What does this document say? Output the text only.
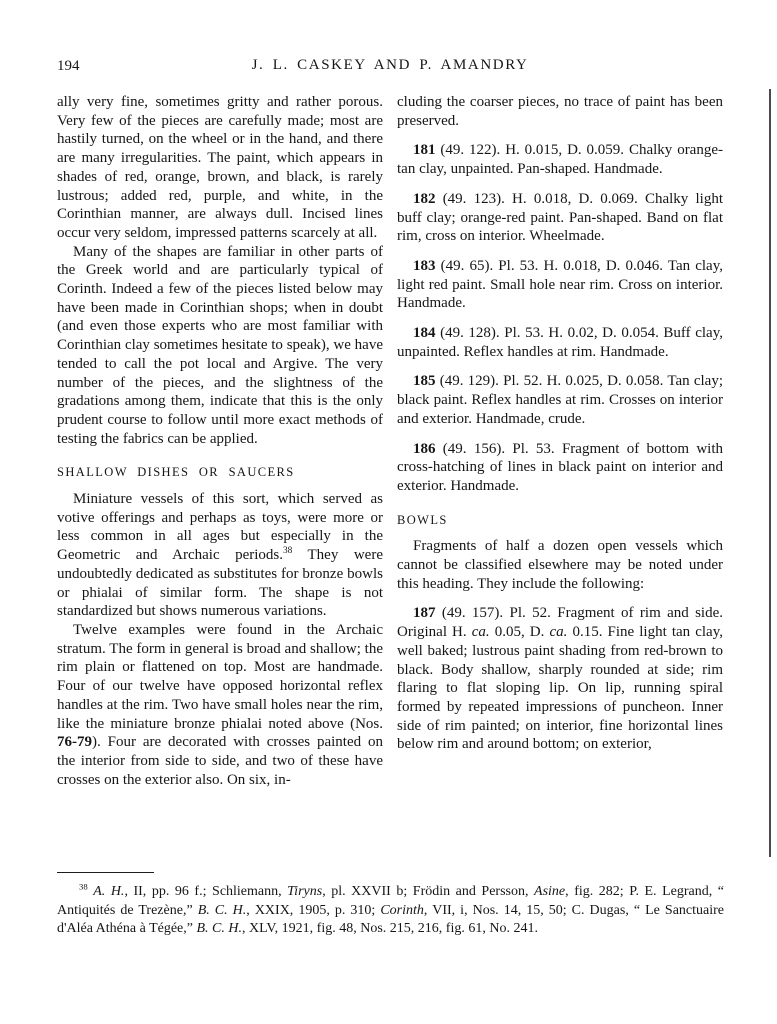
194	J. L. CASKEY AND P. AMANDRY

ally very fine, sometimes gritty and rather porous. Very few of the pieces are carefully made; most are hastily turned, on the wheel or in the hand, and there are many irregularities. The paint, which appears in shades of red, orange, brown, and black, is rarely lustrous; added red, purple, and white, in the Corinthian manner, are always dull. Incised lines occur very seldom, impressed patterns scarcely at all.

Many of the shapes are familiar in other parts of the Greek world and are particularly typical of Corinth. Indeed a few of the pieces listed below may have been made in Corinthian shops; when in doubt (and even those experts who are most familiar with Corinthian clay sometimes hesitate to speak), we have tended to call the pot local and Argive. The very number of the pieces, and the slightness of the gradations among them, indicate that this is the only prudent course to follow until more exact methods of testing the fabrics can be applied.

SHALLOW DISHES OR SAUCERS

Miniature vessels of this sort, which served as votive offerings and perhaps as toys, were more or less common in all ages but especially in the Geometric and Archaic periods.$^{38}$ They were undoubtedly dedicated as substitutes for bronze bowls or phialai of similar form. The shape is not standardized but shows numerous variations.

Twelve examples were found in the Archaic stratum. The form in general is broad and shallow; the rim plain or flattened on top. Most are handmade. Four of our twelve have opposed horizontal reflex handles at the rim. Two have small holes near the rim, like the miniature bronze phialai noted above (Nos. 76-79). Four are decorated with crosses painted on the interior from side to side, and two of these have crosses on the exterior also. On six, in-

cluding the coarser pieces, no trace of paint has been preserved.

181 (49. 122). H. 0.015, D. 0.059. Chalky orange-tan clay, unpainted. Pan-shaped. Handmade.

182 (49. 123). H. 0.018, D. 0.069. Chalky light buff clay; orange-red paint. Pan-shaped. Band on flat rim, cross on interior. Wheelmade.

183 (49. 65). Pl. 53. H. 0.018, D. 0.046. Tan clay, light red paint. Small hole near rim. Cross on interior. Handmade.

184 (49. 128). Pl. 53. H. 0.02, D. 0.054. Buff clay, unpainted. Reflex handles at rim. Handmade.

185 (49. 129). Pl. 52. H. 0.025, D. 0.058. Tan clay; black paint. Reflex handles at rim. Crosses on interior and exterior. Handmade, crude.

186 (49. 156). Pl. 53. Fragment of bottom with cross-hatching of lines in black paint on interior and exterior. Handmade.

BOWLS

Fragments of half a dozen open vessels which cannot be classified elsewhere may be noted under this heading. They include the following:

187 (49. 157). Pl. 52. Fragment of rim and side. Original H. ca. 0.05, D. ca. 0.15. Fine light tan clay, well baked; lustrous paint shading from red-brown to black. Body shallow, sharply rounded at side; rim flaring to flat sloping lip. On lip, running spiral formed by repeated impressions of puncheon. Inner side of rim painted; on interior, fine horizontal lines below rim and around bottom; on exterior,

$^{38}$ A. H., II, pp. 96 f.; Schliemann, Tiryns, pl. XXVII b; Frödin and Persson, Asine, fig. 282; P. E. Legrand, “ Antiquités de Trezène,” B. C. H., XXIX, 1905, p. 310; Corinth, VII, i, Nos. 14, 15, 50; C. Dugas, “ Le Sanctuaire d'Aléa Athéna à Tégée,” B. C. H., XLV, 1921, fig. 48, Nos. 215, 216, fig. 61, No. 241.
